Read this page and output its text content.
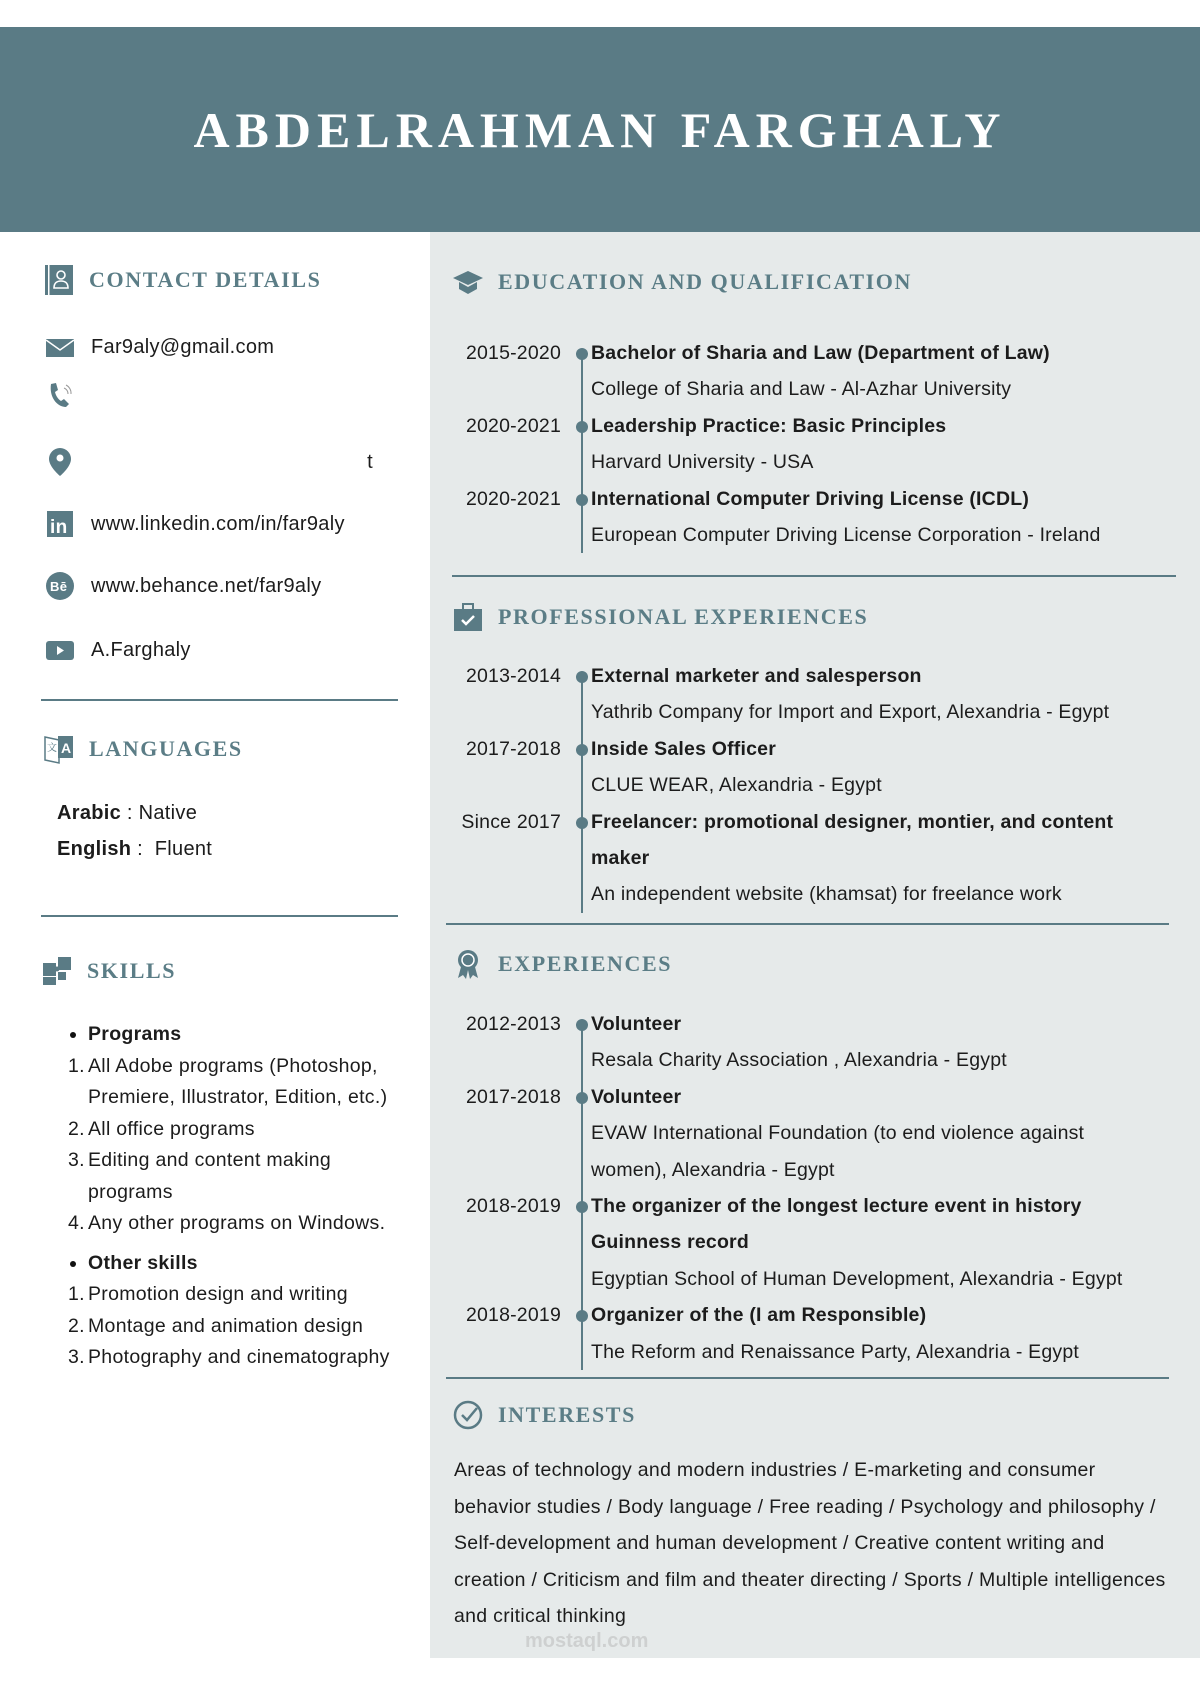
ABDELRAHMAN FARGHALY
CONTACT DETAILS
Far9aly@gmail.com
t
in www.linkedin.com/in/far9aly
Bē www.behance.net/far9aly
A.Farghaly
A
文 LANGUAGES
Arabic : Native
English :  Fluent
SKILLS
Programs
1. All Adobe programs (Photoshop, Premiere, Illustrator, Edition, etc.)
2. All office programs
3. Editing and content making programs
4. Any other programs on Windows.
Other skills
1. Promotion design and writing
2. Montage and animation design
3. Photography and cinematography
EDUCATION AND QUALIFICATION
2015-2020	Bachelor of Sharia and Law (Department of Law)
College of Sharia and Law - Al-Azhar University
2020-2021	Leadership Practice: Basic Principles
Harvard University - USA
2020-2021	International Computer Driving License (ICDL)
European Computer Driving License Corporation - Ireland
PROFESSIONAL EXPERIENCES
2013-2014	External marketer and salesperson
Yathrib Company for Import and Export, Alexandria - Egypt
2017-2018	Inside Sales Officer
CLUE WEAR, Alexandria - Egypt
Since 2017	Freelancer: promotional designer, montier, and content maker
An independent website (khamsat) for freelance work
EXPERIENCES
2012-2013	Volunteer
Resala Charity Association , Alexandria - Egypt
2017-2018	Volunteer
EVAW International Foundation (to end violence against women), Alexandria - Egypt
2018-2019	The organizer of the longest lecture event in history Guinness record
Egyptian School of Human Development, Alexandria - Egypt
2018-2019	Organizer of the (I am Responsible)
The Reform and Renaissance Party, Alexandria - Egypt
INTERESTS
Areas of technology and modern industries / E-marketing and consumer behavior studies / Body language / Free reading / Psychology and philosophy / Self-development and human development / Creative content writing and creation / Criticism and film and theater directing / Sports / Multiple intelligences and critical thinking
mostaql.com
